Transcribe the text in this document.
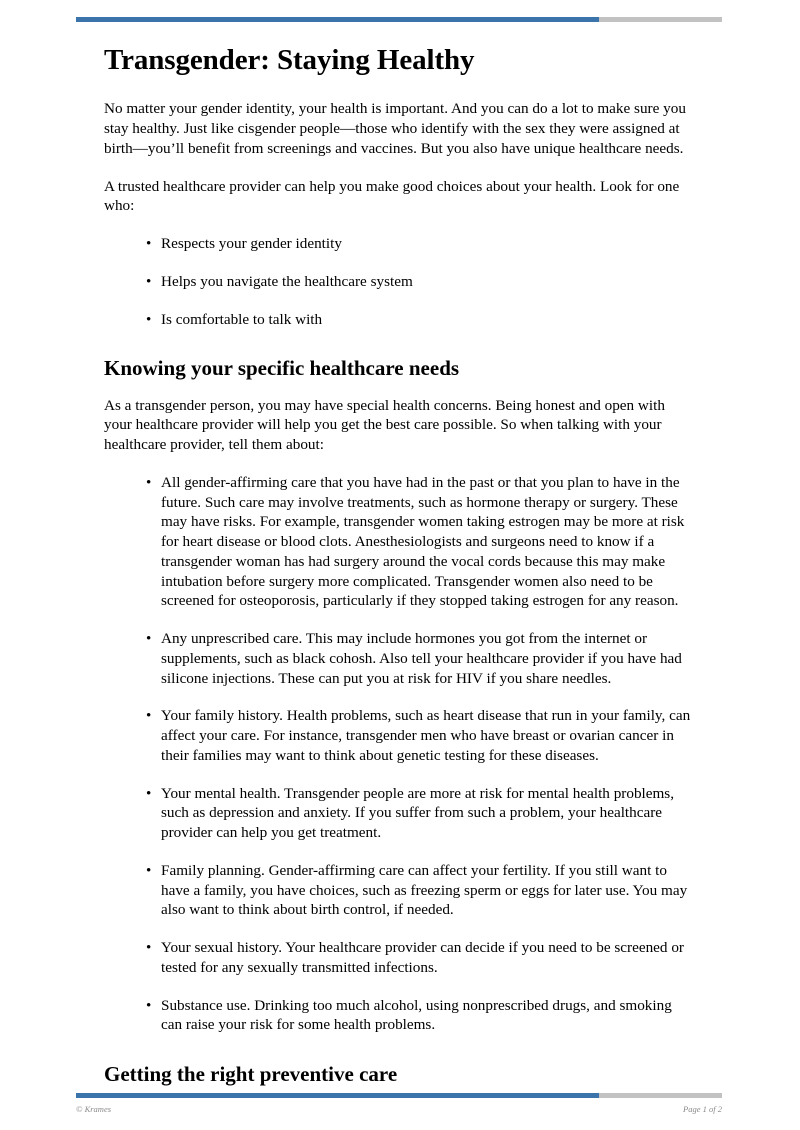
Transgender: Staying Healthy

No matter your gender identity, your health is important. And you can do a lot to make sure you stay healthy. Just like cisgender people—those who identify with the sex they were assigned at birth—you’ll benefit from screenings and vaccines. But you also have unique healthcare needs.

A trusted healthcare provider can help you make good choices about your health. Look for one who:

• Respects your gender identity
• Helps you navigate the healthcare system
• Is comfortable to talk with
Knowing your specific healthcare needs

As a transgender person, you may have special health concerns. Being honest and open with your healthcare provider will help you get the best care possible. So when talking with your healthcare provider, tell them about:

• All gender-affirming care that you have had in the past or that you plan to have in the future. Such care may involve treatments, such as hormone therapy or surgery. These may have risks. For example, transgender women taking estrogen may be more at risk for heart disease or blood clots. Anesthesiologists and surgeons need to know if a transgender woman has had surgery around the vocal cords because this may make intubation before surgery more complicated. Transgender women also need to be screened for osteoporosis, particularly if they stopped taking estrogen for any reason.
• Any unprescribed care. This may include hormones you got from the internet or supplements, such as black cohosh. Also tell your healthcare provider if you have had silicone injections. These can put you at risk for HIV if you share needles.
• Your family history. Health problems, such as heart disease that run in your family, can affect your care. For instance, transgender men who have breast or ovarian cancer in their families may want to think about genetic testing for these diseases.
• Your mental health. Transgender people are more at risk for mental health problems, such as depression and anxiety. If you suffer from such a problem, your healthcare provider can help you get treatment.
• Family planning. Gender-affirming care can affect your fertility. If you still want to have a family, you have choices, such as freezing sperm or eggs for later use. You may also want to think about birth control, if needed.
• Your sexual history. Your healthcare provider can decide if you need to be screened or tested for any sexually transmitted infections.
• Substance use. Drinking too much alcohol, using nonprescribed drugs, and smoking can raise your risk for some health problems.
Getting the right preventive care
© Krames	Page 1 of 2
